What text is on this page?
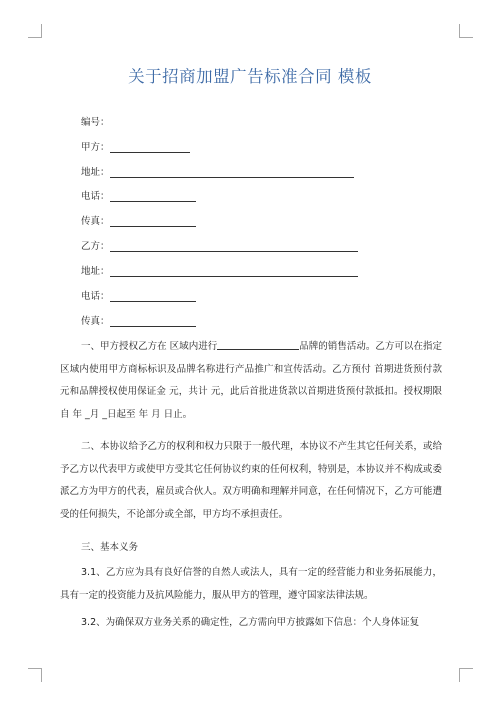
关于招商加盟广告标准合同 模板
编号：
甲方：
地址：
电话：
传真：
乙方：
地址：
电话：
传真：
一、甲方授权乙方在 区域内进行	品牌的销售活动。乙方可以在指定区域内使用甲方商标标识及品牌名称进行产品推广和宣传活动。乙方预付 首期进货预付款 元和品牌授权使用保证金 元，共计 元，此后首批进货款以首期进货预付款抵扣。授权期限自 年 _月 _日起至 年 月 日止。
二、本协议给予乙方的权利和权力只限于一般代理，本协议不产生其它任何关系，或给予乙方以代表甲方或使甲方受其它任何协议约束的任何权利，特别是，本协议并不构成或委派乙方为甲方的代表，雇员或合伙人。双方明确和理解并同意，在任何情况下，乙方可能遭受的任何损失，不论部分或全部，甲方均不承担责任。
三、基本义务
3.1、乙方应为具有良好信誉的自然人或法人，具有一定的经营能力和业务拓展能力，具有一定的投资能力及抗风险能力，服从甲方的管理，遵守国家法律法规。
3.2、为确保双方业务关系的确定性，乙方需向甲方披露如下信息：个人身体证复
